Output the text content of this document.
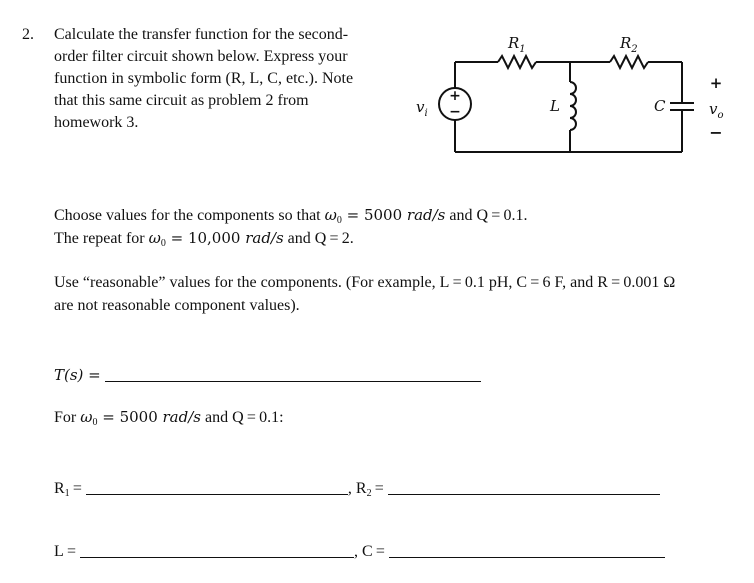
2. Calculate the transfer function for the second-
order filter circuit shown below. Express your
function in symbolic form (R, L, C, etc.). Note
that this same circuit as problem 2 from
homework 3.
+
−
$v_i$
$R_1$	$R_2$
L	C
+
$v_o$
−
Choose values for the components so that $\omega_0 = 5000$ rad/s and Q = 0.1.
The repeat for $\omega_0 = 10,000$ rad/s and Q = 2.
Use “reasonable” values for the components. (For example, L = 0.1 pH, C = 6 F, and R = 0.001 Ω
are not reasonable component values).
T(s) =
For $\omega_0 = 5000$ rad/s and Q = 0.1:
$R_1$ =	, $R_2$ =
L =	, C =
